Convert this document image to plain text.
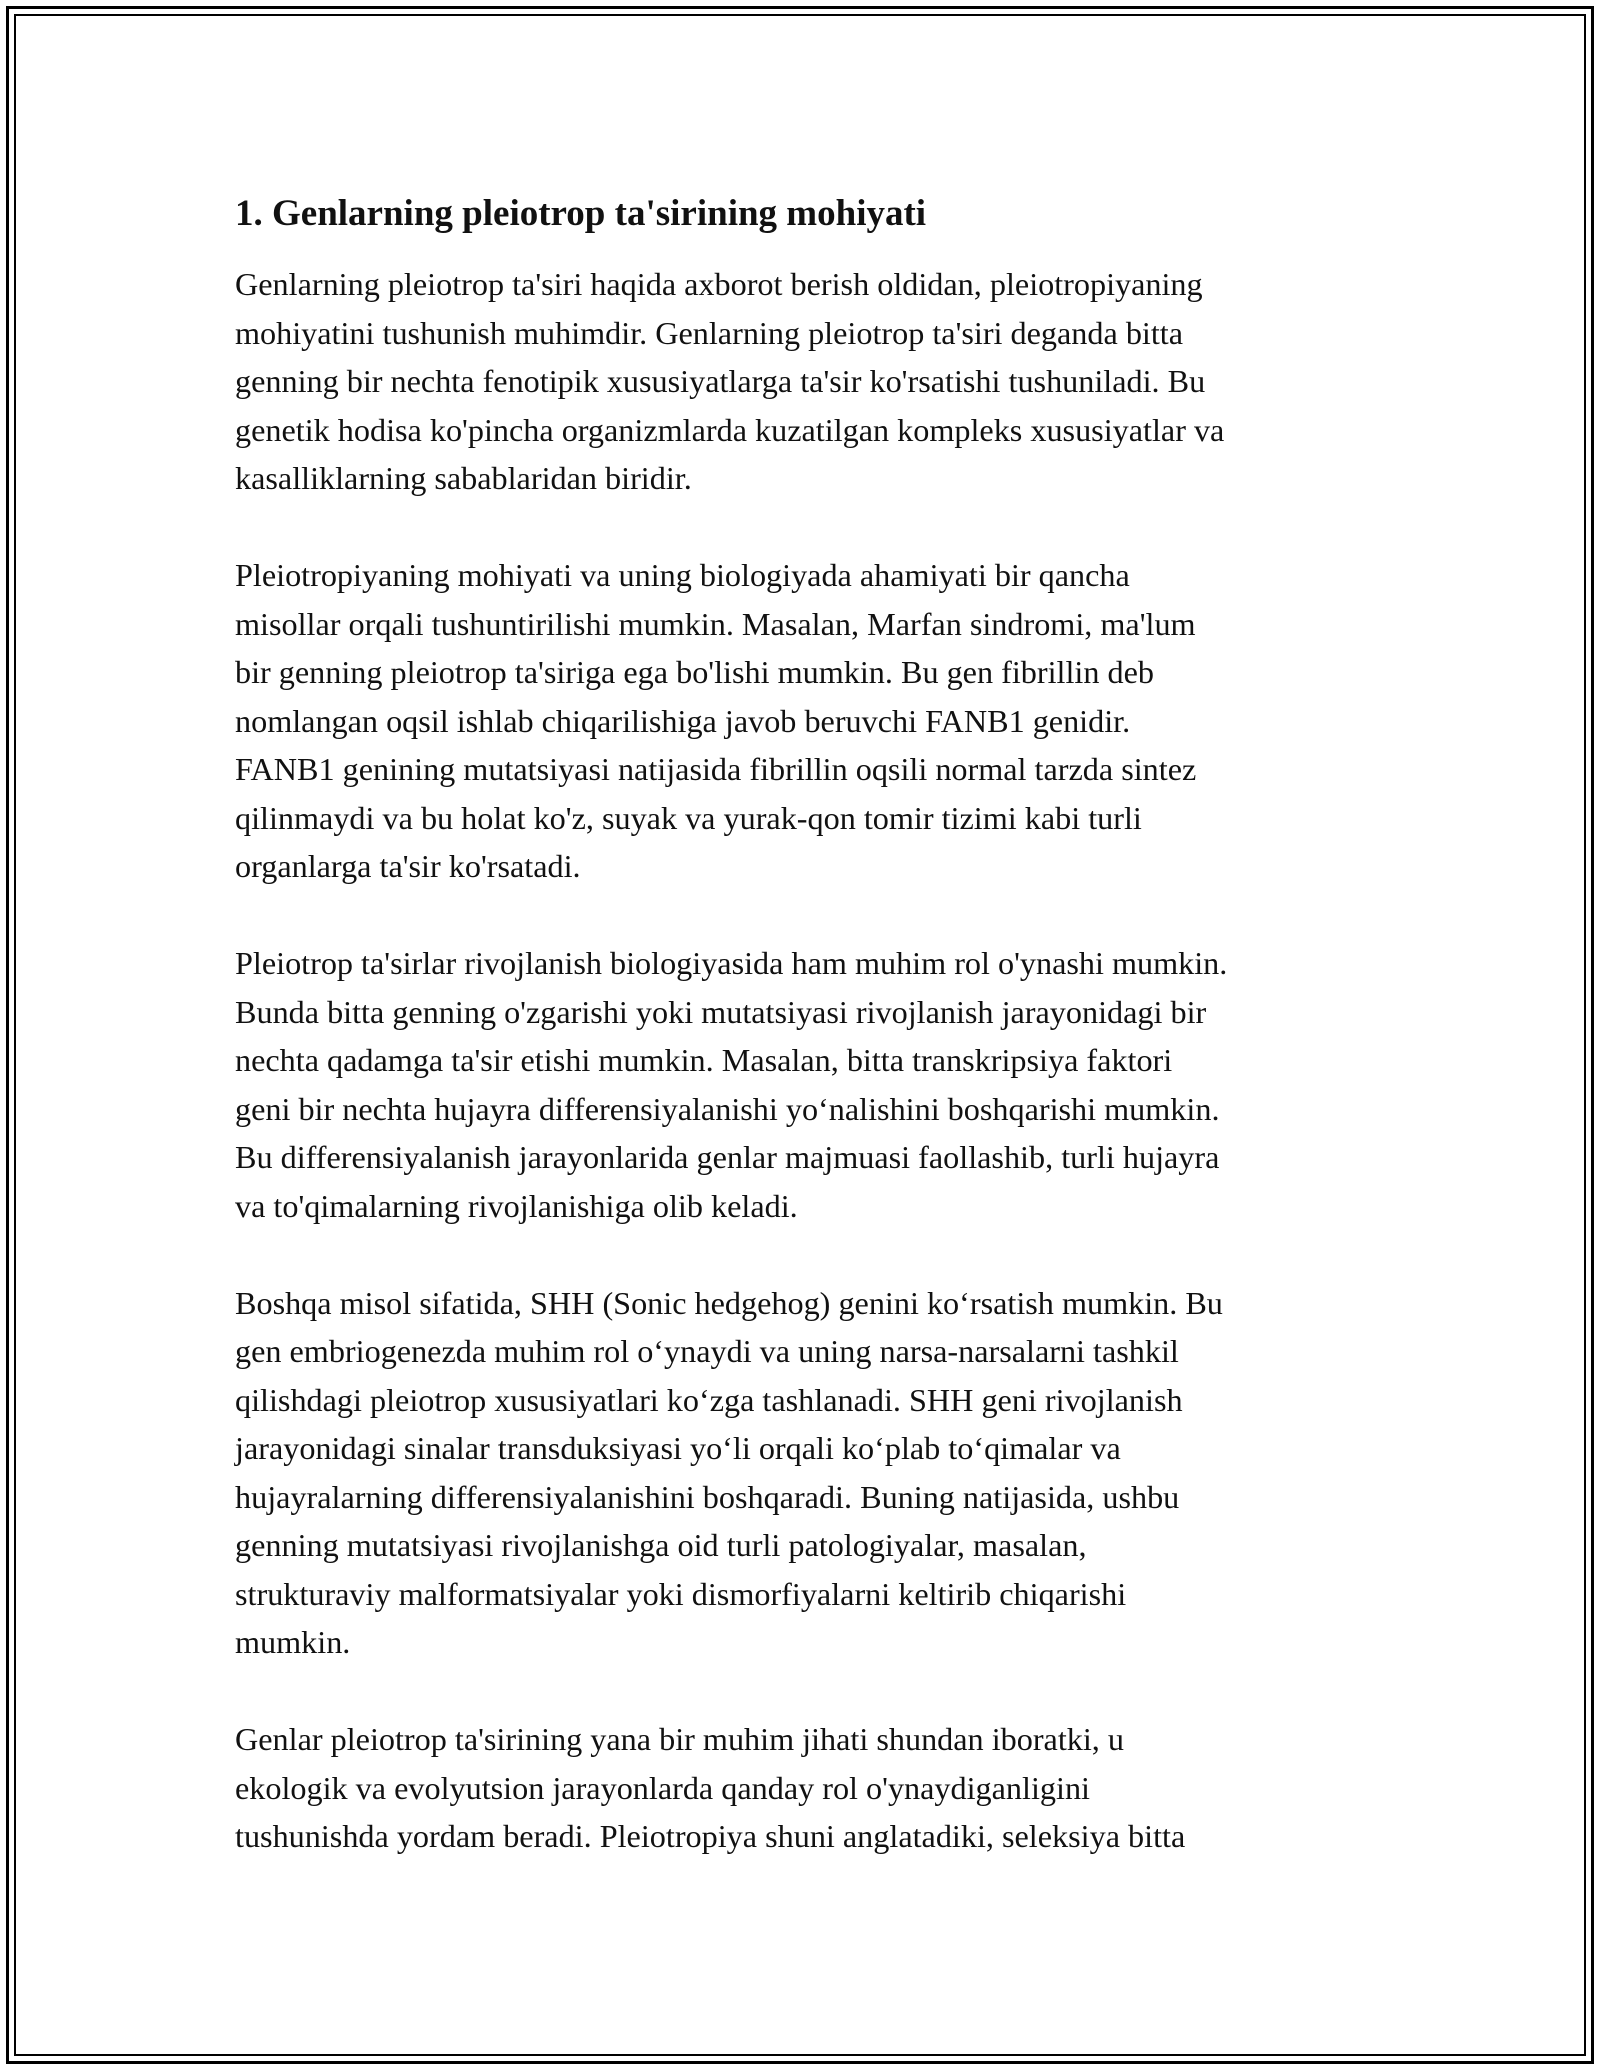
1. Genlarning pleiotrop ta'sirining mohiyati

Genlarning pleiotrop ta'siri haqida axborot berish oldidan, pleiotropiyaning
mohiyatini tushunish muhimdir. Genlarning pleiotrop ta'siri deganda bitta
genning bir nechta fenotipik xususiyatlarga ta'sir ko'rsatishi tushuniladi. Bu
genetik hodisa ko'pincha organizmlarda kuzatilgan kompleks xususiyatlar va
kasalliklarning sabablaridan biridir.

Pleiotropiyaning mohiyati va uning biologiyada ahamiyati bir qancha
misollar orqali tushuntirilishi mumkin. Masalan, Marfan sindromi, ma'lum
bir genning pleiotrop ta'siriga ega bo'lishi mumkin. Bu gen fibrillin deb
nomlangan oqsil ishlab chiqarilishiga javob beruvchi FANB1 genidir.
FANB1 genining mutatsiyasi natijasida fibrillin oqsili normal tarzda sintez
qilinmaydi va bu holat ko'z, suyak va yurak-qon tomir tizimi kabi turli
organlarga ta'sir ko'rsatadi.

Pleiotrop ta'sirlar rivojlanish biologiyasida ham muhim rol o'ynashi mumkin.
Bunda bitta genning o'zgarishi yoki mutatsiyasi rivojlanish jarayonidagi bir
nechta qadamga ta'sir etishi mumkin. Masalan, bitta transkripsiya faktori
geni bir nechta hujayra differensiyalanishi yo‘nalishini boshqarishi mumkin.
Bu differensiyalanish jarayonlarida genlar majmuasi faollashib, turli hujayra
va to'qimalarning rivojlanishiga olib keladi.

Boshqa misol sifatida, SHH (Sonic hedgehog) genini ko‘rsatish mumkin. Bu
gen embriogenezda muhim rol o‘ynaydi va uning narsa-narsalarni tashkil
qilishdagi pleiotrop xususiyatlari ko‘zga tashlanadi. SHH geni rivojlanish
jarayonidagi sinalar transduksiyasi yo‘li orqali ko‘plab to‘qimalar va
hujayralarning differensiyalanishini boshqaradi. Buning natijasida, ushbu
genning mutatsiyasi rivojlanishga oid turli patologiyalar, masalan,
strukturaviy malformatsiyalar yoki dismorfiyalarni keltirib chiqarishi
mumkin.

Genlar pleiotrop ta'sirining yana bir muhim jihati shundan iboratki, u
ekologik va evolyutsion jarayonlarda qanday rol o'ynaydiganligini
tushunishda yordam beradi. Pleiotropiya shuni anglatadiki, seleksiya bitta
